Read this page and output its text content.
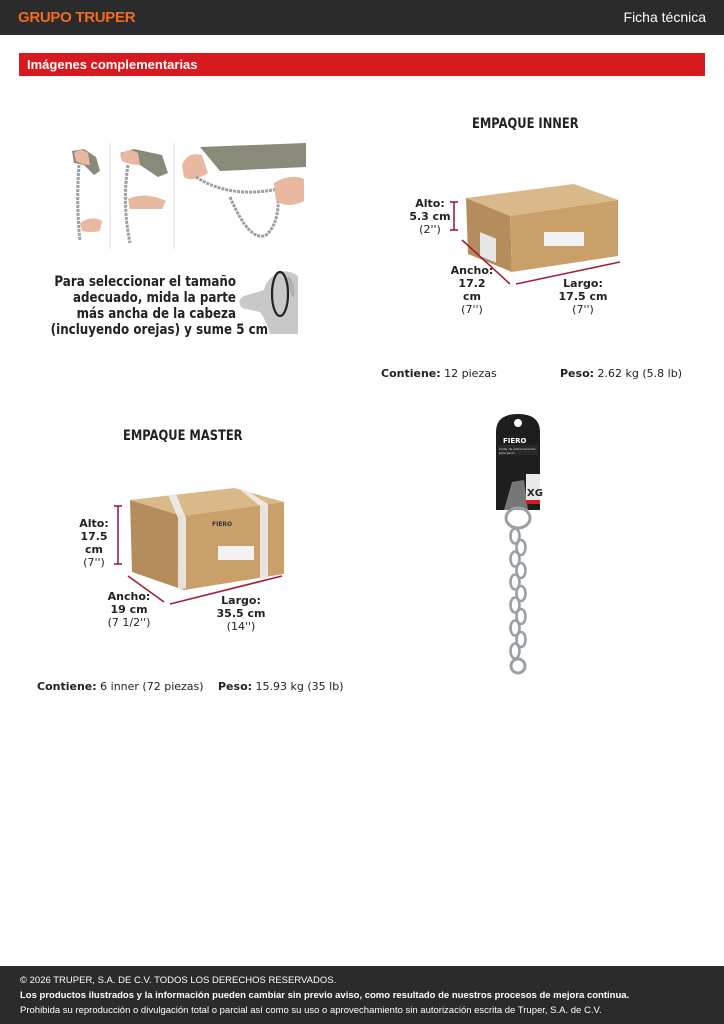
GRUPO TRUPER	Ficha técnica
Imágenes complementarias
Para seleccionar el tamaño
adecuado, mida la parte
más ancha de la cabeza
(incluyendo orejas) y sume 5 cm
EMPAQUE INNER
Alto:
5.3 cm
(2'')
Ancho:
17.2 cm
(7'')
Largo:
17.5 cm
(7'')
Contiene: 12 piezas	Peso: 2.62 kg (5.8 lb)
EMPAQUE MASTER
FIERO
Alto:
17.5 cm
(7'')
Ancho:
19 cm
(7 1/2'')
Largo:
35.5 cm
(14'')
Contiene: 6 inner (72 piezas) Peso: 15.93 kg (35 lb)
FIERO
Collar de entrenamiento
para perro
XG
© 2026 TRUPER, S.A. DE C.V. TODOS LOS DERECHOS RESERVADOS.
Los productos ilustrados y la información pueden cambiar sin previo aviso, como resultado de nuestros procesos de mejora continua.
Prohibida su reproducción o divulgación total o parcial así como su uso o aprovechamiento sin autorización escrita de Truper, S.A. de C.V.
